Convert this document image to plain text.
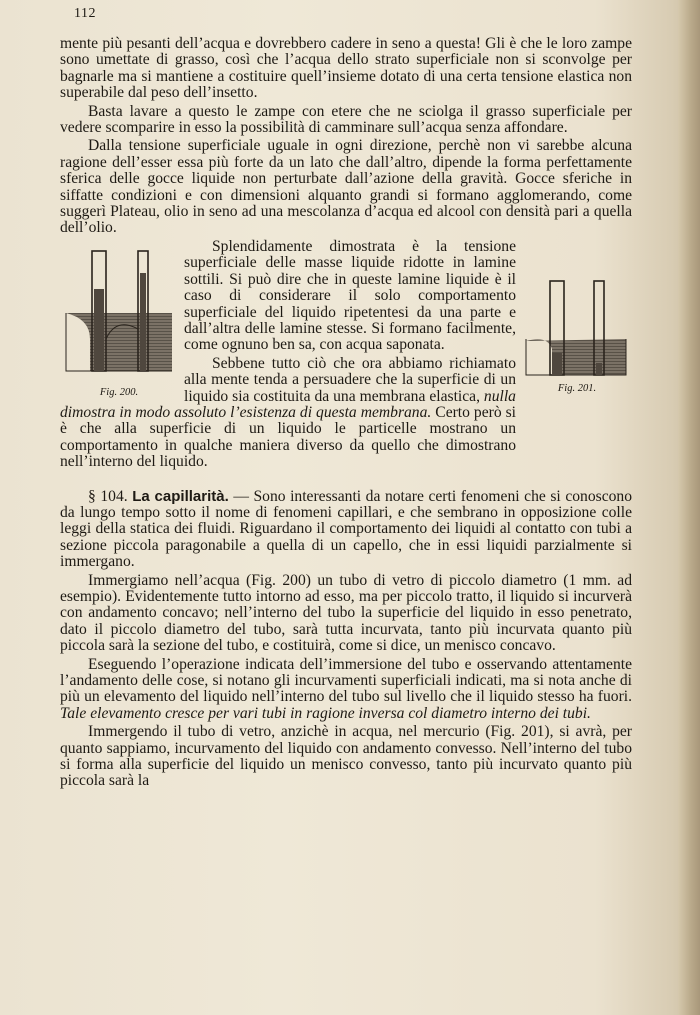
112

mente più pesanti dell’acqua e dovrebbero cadere in seno a questa! Gli è che le loro zampe sono umettate di grasso, così che l’acqua dello strato superficiale non si sconvolge per bagnarle ma si mantiene a costituire quell’insieme dotato di una certa tensione elastica non superabile dal peso dell’insetto.

Basta lavare a questo le zampe con etere che ne sciolga il grasso superficiale per vedere scomparire in esso la possibilità di camminare sull’acqua senza affondare.

Dalla tensione superficiale uguale in ogni direzione, perchè non vi sarebbe alcuna ragione dell’esser essa più forte da un lato che dall’altro, dipende la forma perfettamente sferica delle gocce liquide non perturbate dall’azione della gravità. Gocce sferiche in siffatte condizioni e con dimensioni alquanto grandi si formano agglomerando, come suggerì Plateau, olio in seno ad una mescolanza d’acqua ed alcool con densità pari a quella dell’olio.

Fig. 200.	Fig. 201.

Splendidamente dimostrata è la tensione superficiale delle masse liquide ridotte in lamine sottili. Si può dire che in queste lamine liquide è il caso di considerare il solo comportamento superficiale del liquido ripetentesi da una parte e dall’altra delle lamine stesse. Si formano facilmente, come ognuno ben sa, con acqua saponata.

Sebbene tutto ciò che ora abbiamo richiamato alla mente tenda a persuadere che la superficie di un liquido sia costituita da una membrana elastica, nulla dimostra in modo assoluto l’esistenza di questa membrana. Certo però si è che alla superficie di un liquido le particelle mostrano un comportamento in qualche maniera diverso da quello che dimostrano nell’interno del liquido.

§ 104. La capillarità. — Sono interessanti da notare certi fenomeni che si conoscono da lungo tempo sotto il nome di fenomeni capillari, e che sembrano in opposizione colle leggi della statica dei fluidi. Riguardano il comportamento dei liquidi al contatto con tubi a sezione piccola paragonabile a quella di un capello, che in essi liquidi parzialmente si immergano.

Immergiamo nell’acqua (Fig. 200) un tubo di vetro di piccolo diametro (1 mm. ad esempio). Evidentemente tutto intorno ad esso, ma per piccolo tratto, il liquido si incurverà con andamento concavo; nell’interno del tubo la superficie del liquido in esso penetrato, dato il piccolo diametro del tubo, sarà tutta incurvata, tanto più incurvata quanto più piccola sarà la sezione del tubo, e costituirà, come si dice, un menisco concavo.

Eseguendo l’operazione indicata dell’immersione del tubo e osservando attentamente l’andamento delle cose, si notano gli incurvamenti superficiali indicati, ma si nota anche di più un elevamento del liquido nell’interno del tubo sul livello che il liquido stesso ha fuori. Tale elevamento cresce per vari tubi in ragione inversa col diametro interno dei tubi.

Immergendo il tubo di vetro, anzichè in acqua, nel mercurio (Fig. 201), si avrà, per quanto sappiamo, incurvamento del liquido con andamento convesso. Nell’interno del tubo si forma alla superficie del liquido un menisco convesso, tanto più incurvato quanto più piccola sarà la
